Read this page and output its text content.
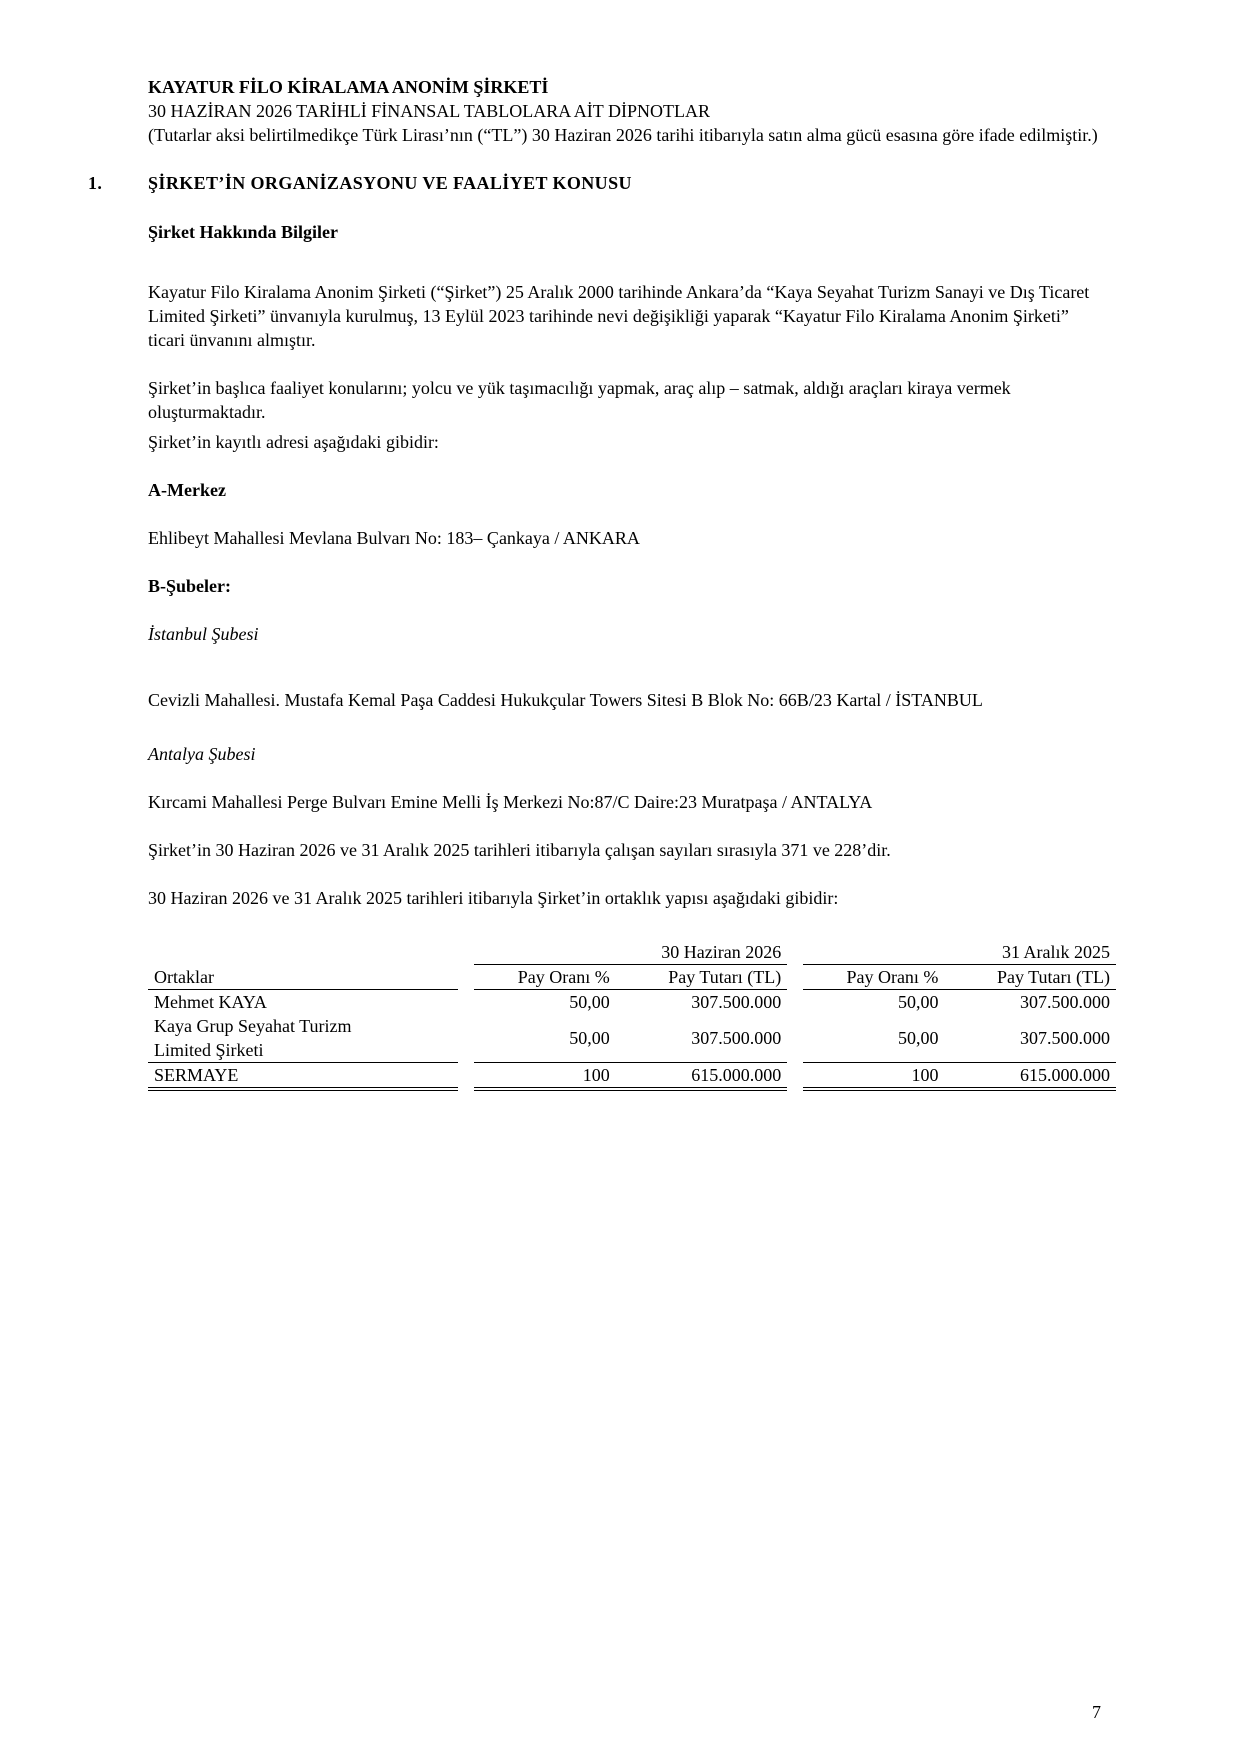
KAYATUR FİLO KİRALAMA ANONİM ŞİRKETİ
30 HAZİRAN 2026 TARİHLİ FİNANSAL TABLOLARA AİT DİPNOTLAR
(Tutarlar aksi belirtilmedikçe Türk Lirası’nın (“TL”) 30 Haziran 2026 tarihi itibarıyla satın alma gücü esasına göre ifade edilmiştir.)
1.	ŞİRKET’İN ORGANİZASYONU VE FAALİYET KONUSU
Şirket Hakkında Bilgiler

Kayatur Filo Kiralama Anonim Şirketi (“Şirket”) 25 Aralık 2000 tarihinde Ankara’da “Kaya Seyahat Turizm Sanayi ve Dış Ticaret Limited Şirketi” ünvanıyla kurulmuş, 13 Eylül 2023 tarihinde nevi değişikliği yaparak “Kayatur Filo Kiralama Anonim Şirketi” ticari ünvanını almıştır.

Şirket’in başlıca faaliyet konularını; yolcu ve yük taşımacılığı yapmak, araç alıp – satmak, aldığı araçları kiraya vermek oluşturmaktadır.

Şirket’in kayıtlı adresi aşağıdaki gibidir:
A-Merkez
Ehlibeyt Mahallesi Mevlana Bulvarı No: 183– Çankaya / ANKARA
B-Şubeler:
İstanbul Şubesi

Cevizli Mahallesi. Mustafa Kemal Paşa Caddesi Hukukçular Towers Sitesi B Blok No: 66B/23 Kartal / İSTANBUL

Antalya Şubesi
Kırcami Mahallesi Perge Bulvarı Emine Melli İş Merkezi No:87/C Daire:23 Muratpaşa / ANTALYA
Şirket’in 30 Haziran 2026 ve 31 Aralık 2025 tarihleri itibarıyla çalışan sayıları sırasıyla 371 ve 228’dir.
30 Haziran 2026 ve 31 Aralık 2025 tarihleri itibarıyla Şirket’in ortaklık yapısı aşağıdaki gibidir:
		30 Haziran 2026			31 Aralık 2025	
Ortaklar		Pay Oranı %	Pay Tutarı (TL)		Pay Oranı %	Pay Tutarı (TL)
Mehmet KAYA		50,00	307.500.000		50,00	307.500.000

Kaya Grup Seyahat Turizm
Limited Şirketi		50,00	307.500.000		50,00	307.500.000
SERMAYE		100	615.000.000		100	615.000.000
7
